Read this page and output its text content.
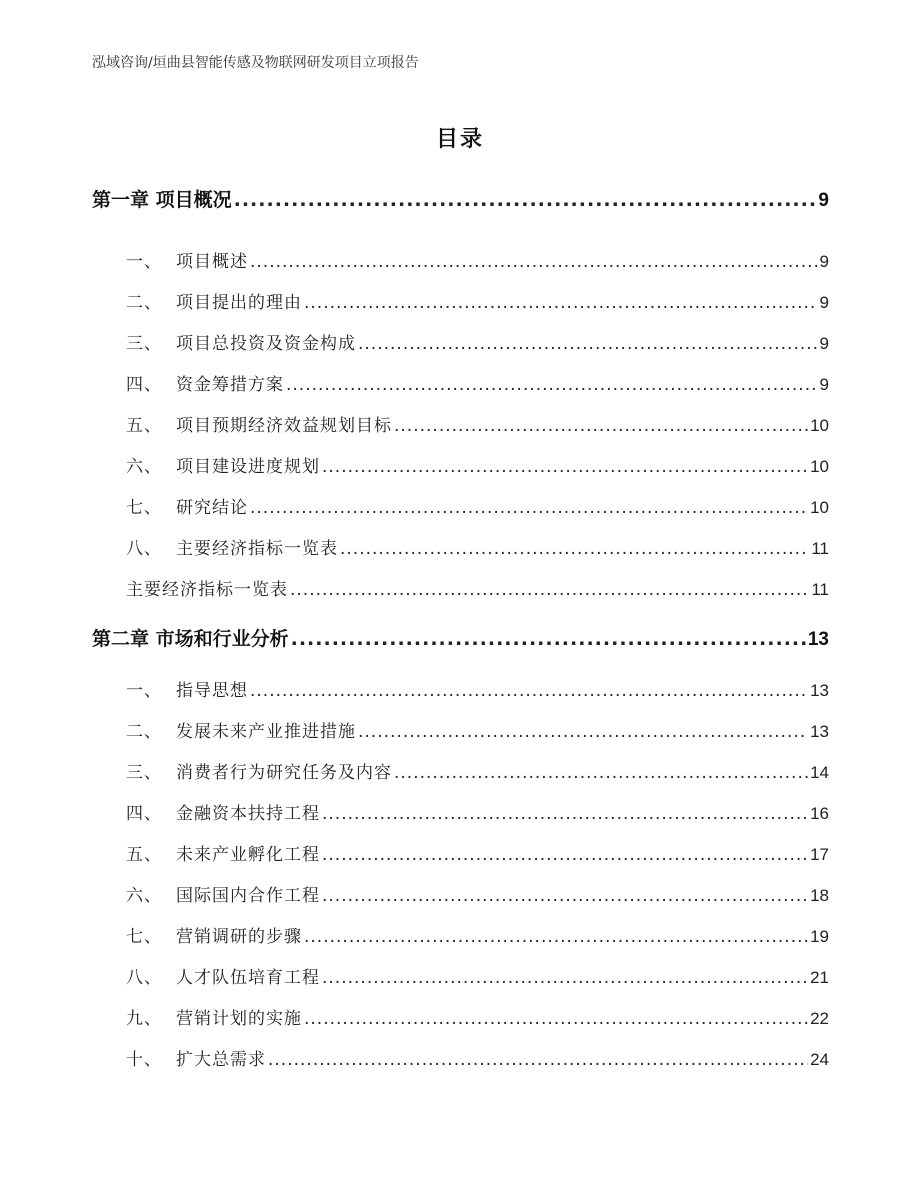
泓域咨询/垣曲县智能传感及物联网研发项目立项报告
目录
第一章 项目概况 .....	9
一、 项目概述 .....	9
二、 项目提出的理由 .....	9
三、 项目总投资及资金构成 .....	9
四、 资金筹措方案 .....	9
五、 项目预期经济效益规划目标 .....	10
六、 项目建设进度规划 .....	10
七、 研究结论 .....	10
八、 主要经济指标一览表 .....	11
主要经济指标一览表 .....	11
第二章 市场和行业分析 .....	13
一、 指导思想 .....	13
二、 发展未来产业推进措施 .....	13
三、 消费者行为研究任务及内容 .....	14
四、 金融资本扶持工程 .....	16
五、 未来产业孵化工程 .....	17
六、 国际国内合作工程 .....	18
七、 营销调研的步骤 .....	19
八、 人才队伍培育工程 .....	21
九、 营销计划的实施 .....	22
十、 扩大总需求 .....	24
